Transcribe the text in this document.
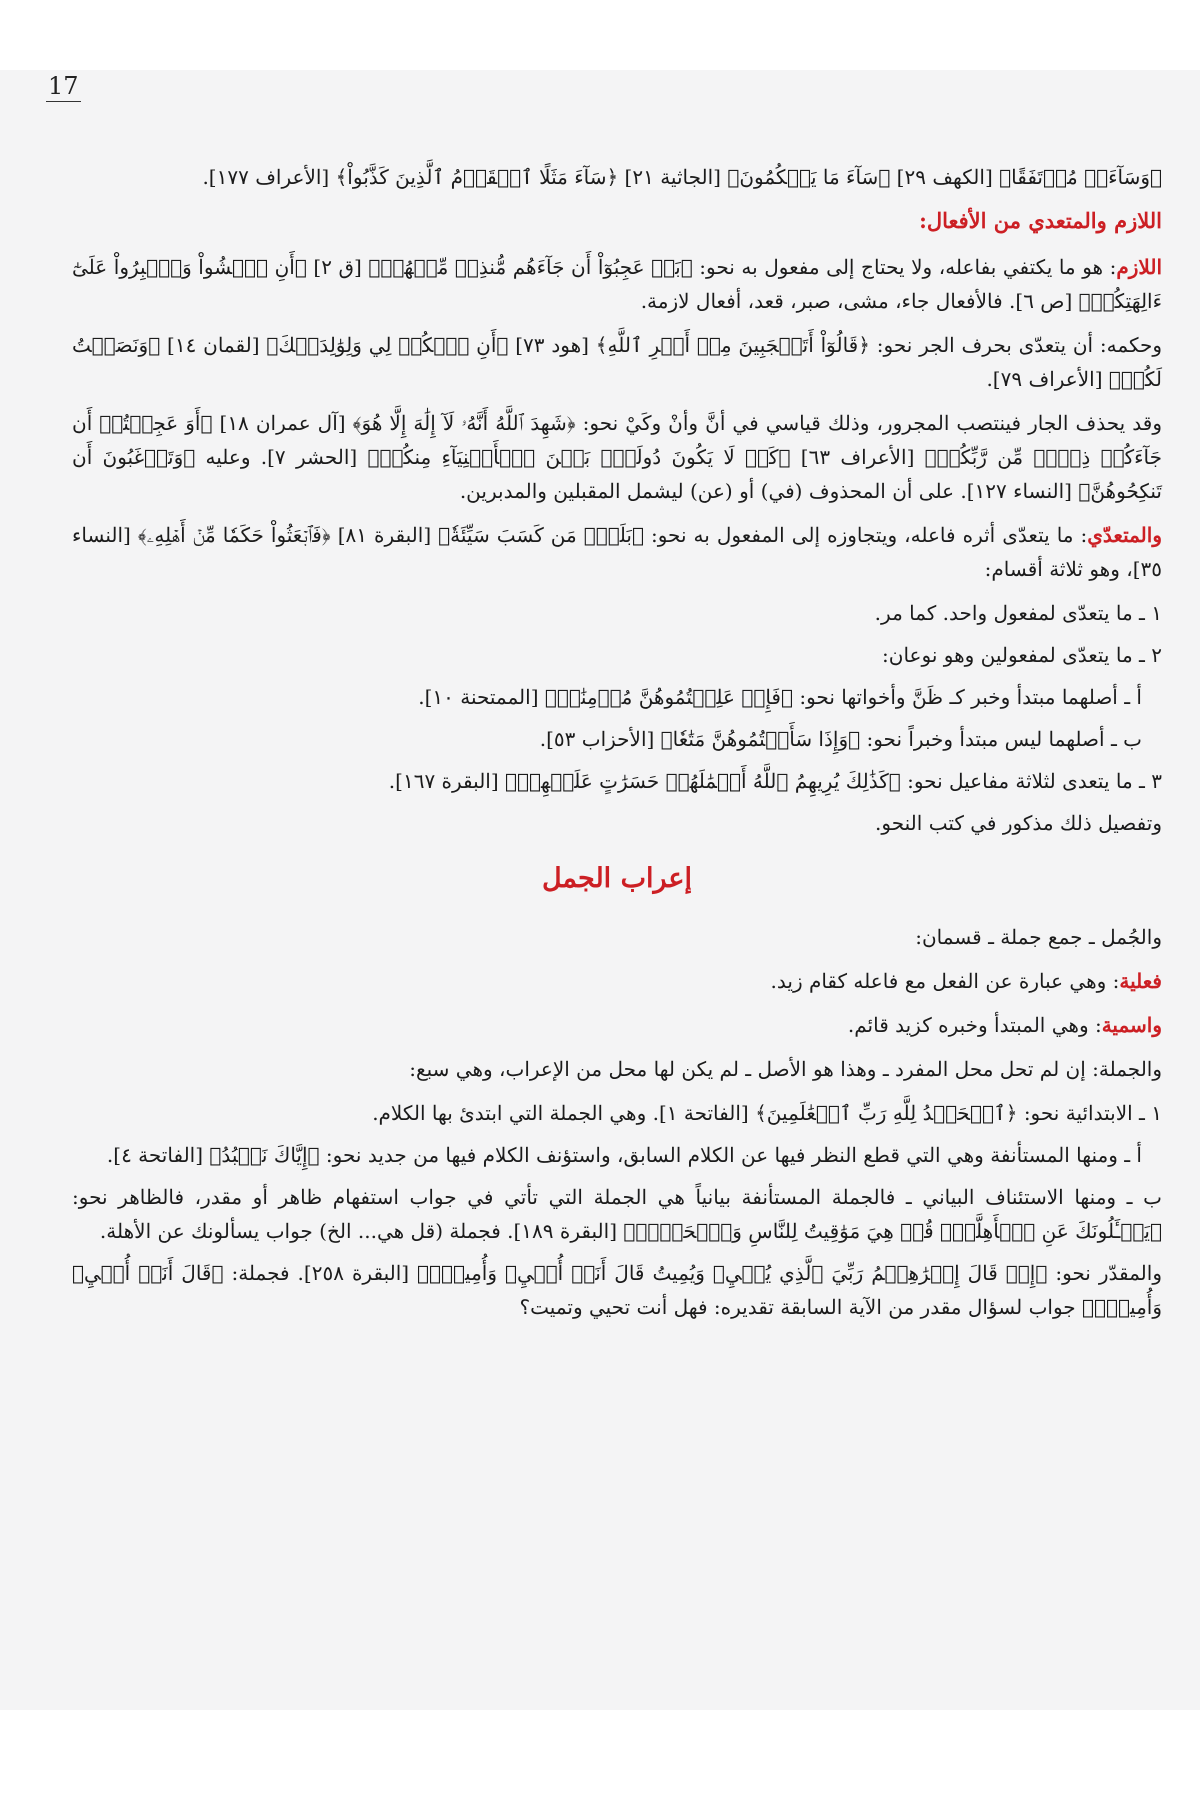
17

﴿وَسَآءَتۡ مُرۡتَفَقًا﴾ [الكهف ٢٩] ﴿سَآءَ مَا يَحۡكُمُونَ﴾ [الجاثية ٢١] ﴿سَآءَ مَثَلًا ٱلۡقَوۡمُ ٱلَّذِينَ كَذَّبُواْ﴾ [الأعراف ١٧٧].

اللازم والمتعدي من الأفعال:

اللازم: هو ما يكتفي بفاعله، ولا يحتاج إلى مفعول به نحو: ﴿بَلۡ عَجِبُوٓاْ أَن جَآءَهُم مُّنذِرٞ مِّنۡهُمۡ﴾ [ق ٢] ﴿أَنِ ٱمۡشُواْ وَٱصۡبِرُواْ عَلَىٰٓ ءَالِهَتِكُمۡ﴾ [ص ٦]. فالأفعال جاء، مشى، صبر، قعد، أفعال لازمة.

وحكمه: أن يتعدّى بحرف الجر نحو: ﴿قَالُوٓاْ أَتَعۡجَبِينَ مِنۡ أَمۡرِ ٱللَّهِ﴾ [هود ٧٣] ﴿أَنِ ٱشۡكُرۡ لِي وَلِوَٰلِدَيۡكَ﴾ [لقمان ١٤] ﴿وَنَصَحۡتُ لَكُمۡ﴾ [الأعراف ٧٩].

وقد يحذف الجار فينتصب المجرور، وذلك قياسي في أنَّ وأنْ وكَيْ نحو: ﴿شَهِدَ ٱللَّهُ أَنَّهُۥ لَآ إِلَٰهَ إِلَّا هُوَ﴾ [آل عمران ١٨] ﴿أَوَ عَجِبۡتُمۡ أَن جَآءَكُمۡ ذِكۡرٞ مِّن رَّبِّكُمۡ﴾ [الأعراف ٦٣] ﴿كَيۡ لَا يَكُونَ دُولَةَۢ بَيۡنَ ٱلۡأَغۡنِيَآءِ مِنكُمۡ﴾ [الحشر ٧]. وعليه ﴿وَتَرۡغَبُونَ أَن تَنكِحُوهُنَّ﴾ [النساء ١٢٧]. على أن المحذوف (في) أو (عن) ليشمل المقبلين والمدبرين.

والمتعدّي: ما يتعدّى أثره فاعله، ويتجاوزه إلى المفعول به نحو: ﴿بَلَىٰۚ مَن كَسَبَ سَيِّئَةٗ﴾ [البقرة ٨١] ﴿فَٱبۡعَثُواْ حَكَمٗا مِّنۡ أَهۡلِهِۦ﴾ [النساء ٣٥]، وهو ثلاثة أقسام:

١ ـ ما يتعدّى لمفعول واحد. كما مر.
٢ ـ ما يتعدّى لمفعولين وهو نوعان:
أ ـ أصلهما مبتدأ وخبر كـ ظَنَّ وأخواتها نحو: ﴿فَإِنۡ عَلِمۡتُمُوهُنَّ مُؤۡمِنَٰتٖ﴾ [الممتحنة ١٠].
ب ـ أصلهما ليس مبتدأ وخبراً نحو: ﴿وَإِذَا سَأَلۡتُمُوهُنَّ مَتَٰعٗا﴾ [الأحزاب ٥٣].
٣ ـ ما يتعدى لثلاثة مفاعيل نحو: ﴿كَذَٰلِكَ يُرِيهِمُ ٱللَّهُ أَعۡمَٰلَهُمۡ حَسَرَٰتٍ عَلَيۡهِمۡ﴾ [البقرة ١٦٧].

وتفصيل ذلك مذكور في كتب النحو.

إعراب الجمل

والجُمل ـ جمع جملة ـ قسمان:

فعلية: وهي عبارة عن الفعل مع فاعله كقام زيد.

واسمية: وهي المبتدأ وخبره كزيد قائم.

والجملة: إن لم تحل محل المفرد ـ وهذا هو الأصل ـ لم يكن لها محل من الإعراب، وهي سبع:

١ ـ الابتدائية نحو: ﴿ٱلۡحَمۡدُ لِلَّهِ رَبِّ ٱلۡعَٰلَمِينَ﴾ [الفاتحة ١]. وهي الجملة التي ابتدئ بها الكلام.
أ ـ ومنها المستأنفة وهي التي قطع النظر فيها عن الكلام السابق، واستؤنف الكلام فيها من جديد نحو: ﴿إِيَّاكَ نَعۡبُدُ﴾ [الفاتحة ٤].
ب ـ ومنها الاستئناف البياني ـ فالجملة المستأنفة بيانياً هي الجملة التي تأتي في جواب استفهام ظاهر أو مقدر، فالظاهر نحو: ﴿يَسۡـَٔلُونَكَ عَنِ ٱلۡأَهِلَّةِۖ قُلۡ هِيَ مَوَٰقِيتُ لِلنَّاسِ وَٱلۡحَجِّۗ﴾ [البقرة ١٨٩]. فجملة (قل هي... الخ) جواب يسألونك عن الأهلة.

والمقدّر نحو: ﴿إِذۡ قَالَ إِبۡرَٰهِـۧمُ رَبِّيَ ٱلَّذِي يُحۡيِۦ وَيُمِيتُ قَالَ أَنَا۠ أُحۡيِۦ وَأُمِيتُۖ﴾ [البقرة ٢٥٨]. فجملة: ﴿قَالَ أَنَا۠ أُحۡيِۦ وَأُمِيتُۖ﴾ جواب لسؤال مقدر من الآية السابقة تقديره: فهل أنت تحيي وتميت؟
